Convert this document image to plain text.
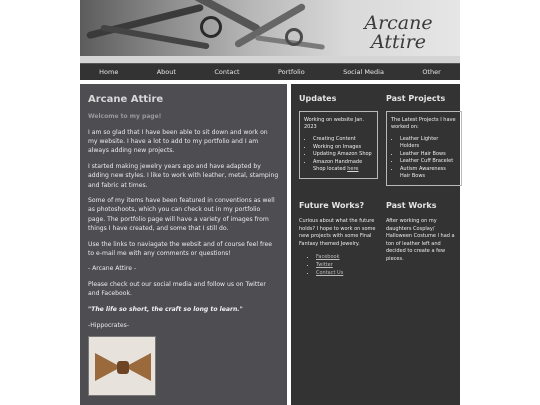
Arcane
Attire
Home	About	Contact	Portfolio	Social Media	Other
Arcane Attire
Welcome to my page!

I am so glad that I have been able to sit down and work on my website. I have a lot to add to my portfolio and I am always adding new projects.

I started making jewelry years ago and have adapted by adding new styles. I like to work with leather, metal, stamping and fabric at times.

Some of my items have been featured in conventions as well as photoshoots, which you can check out in my portfolio page. The portfolio page will have a variety of images from things I have created, and some that I still do.

Use the links to naviagate the websit and of course feel free to e-mail me with any comments or questions!

- Arcane Attire -

Please check out our social media and follow us on Twitter and Facebook.

"The life so short, the craft so long to learn."

-Hippocrates-

Updates
Working on website Jan. 2023
• Creating Content
• Working on Images
• Updating Amazon Shop
• Amazon Handmade Shop located here
Past Projects
The Latest Projects I have worked on:
• Leather Lighter Holders
• Leather Hair Bows
• Leather Cuff Bracelet
• Autism Awareness Hair Bows
Future Works?
Curious about what the future holds? I hope to work on some new projects with some Final Fantasy themed Jewelry.
• Facebook
• Twitter
• Contact Us
Past Works
After working on my daughters Cosplay/ Halloween Costume I had a ton of leather left and decided to create a few pieces.
